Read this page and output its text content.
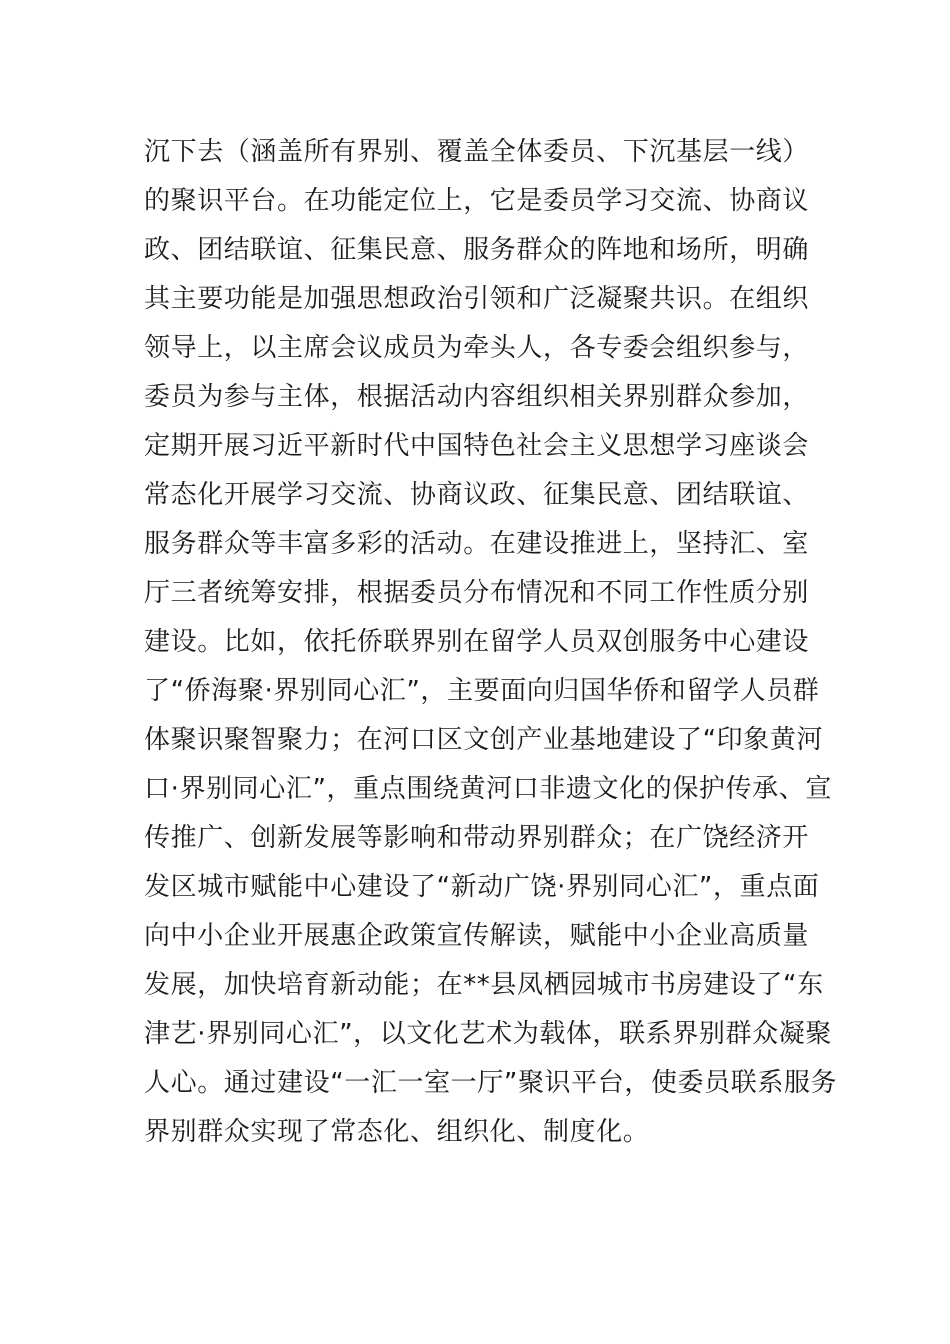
沉下去（涵盖所有界别、覆盖全体委员、下沉基层一线）
的聚识平台。在功能定位上，它是委员学习交流、协商议
政、团结联谊、征集民意、服务群众的阵地和场所，明确
其主要功能是加强思想政治引领和广泛凝聚共识。在组织
领导上，以主席会议成员为牵头人，各专委会组织参与，
委员为参与主体，根据活动内容组织相关界别群众参加，
定期开展习近平新时代中国特色社会主义思想学习座谈会
常态化开展学习交流、协商议政、征集民意、团结联谊、
服务群众等丰富多彩的活动。在建设推进上，坚持汇、室
厅三者统筹安排，根据委员分布情况和不同工作性质分别
建设。比如，依托侨联界别在留学人员双创服务中心建设
了“侨海聚·界别同心汇”，主要面向归国华侨和留学人员群
体聚识聚智聚力；在河口区文创产业基地建设了“印象黄河
口·界别同心汇”，重点围绕黄河口非遗文化的保护传承、宣
传推广、创新发展等影响和带动界别群众；在广饶经济开
发区城市赋能中心建设了“新动广饶·界别同心汇”，重点面
向中小企业开展惠企政策宣传解读，赋能中小企业高质量
发展，加快培育新动能；在**县凤栖园城市书房建设了“东
津艺·界别同心汇”，以文化艺术为载体，联系界别群众凝聚
人心。通过建设“一汇一室一厅”聚识平台，使委员联系服务
界别群众实现了常态化、组织化、制度化。
